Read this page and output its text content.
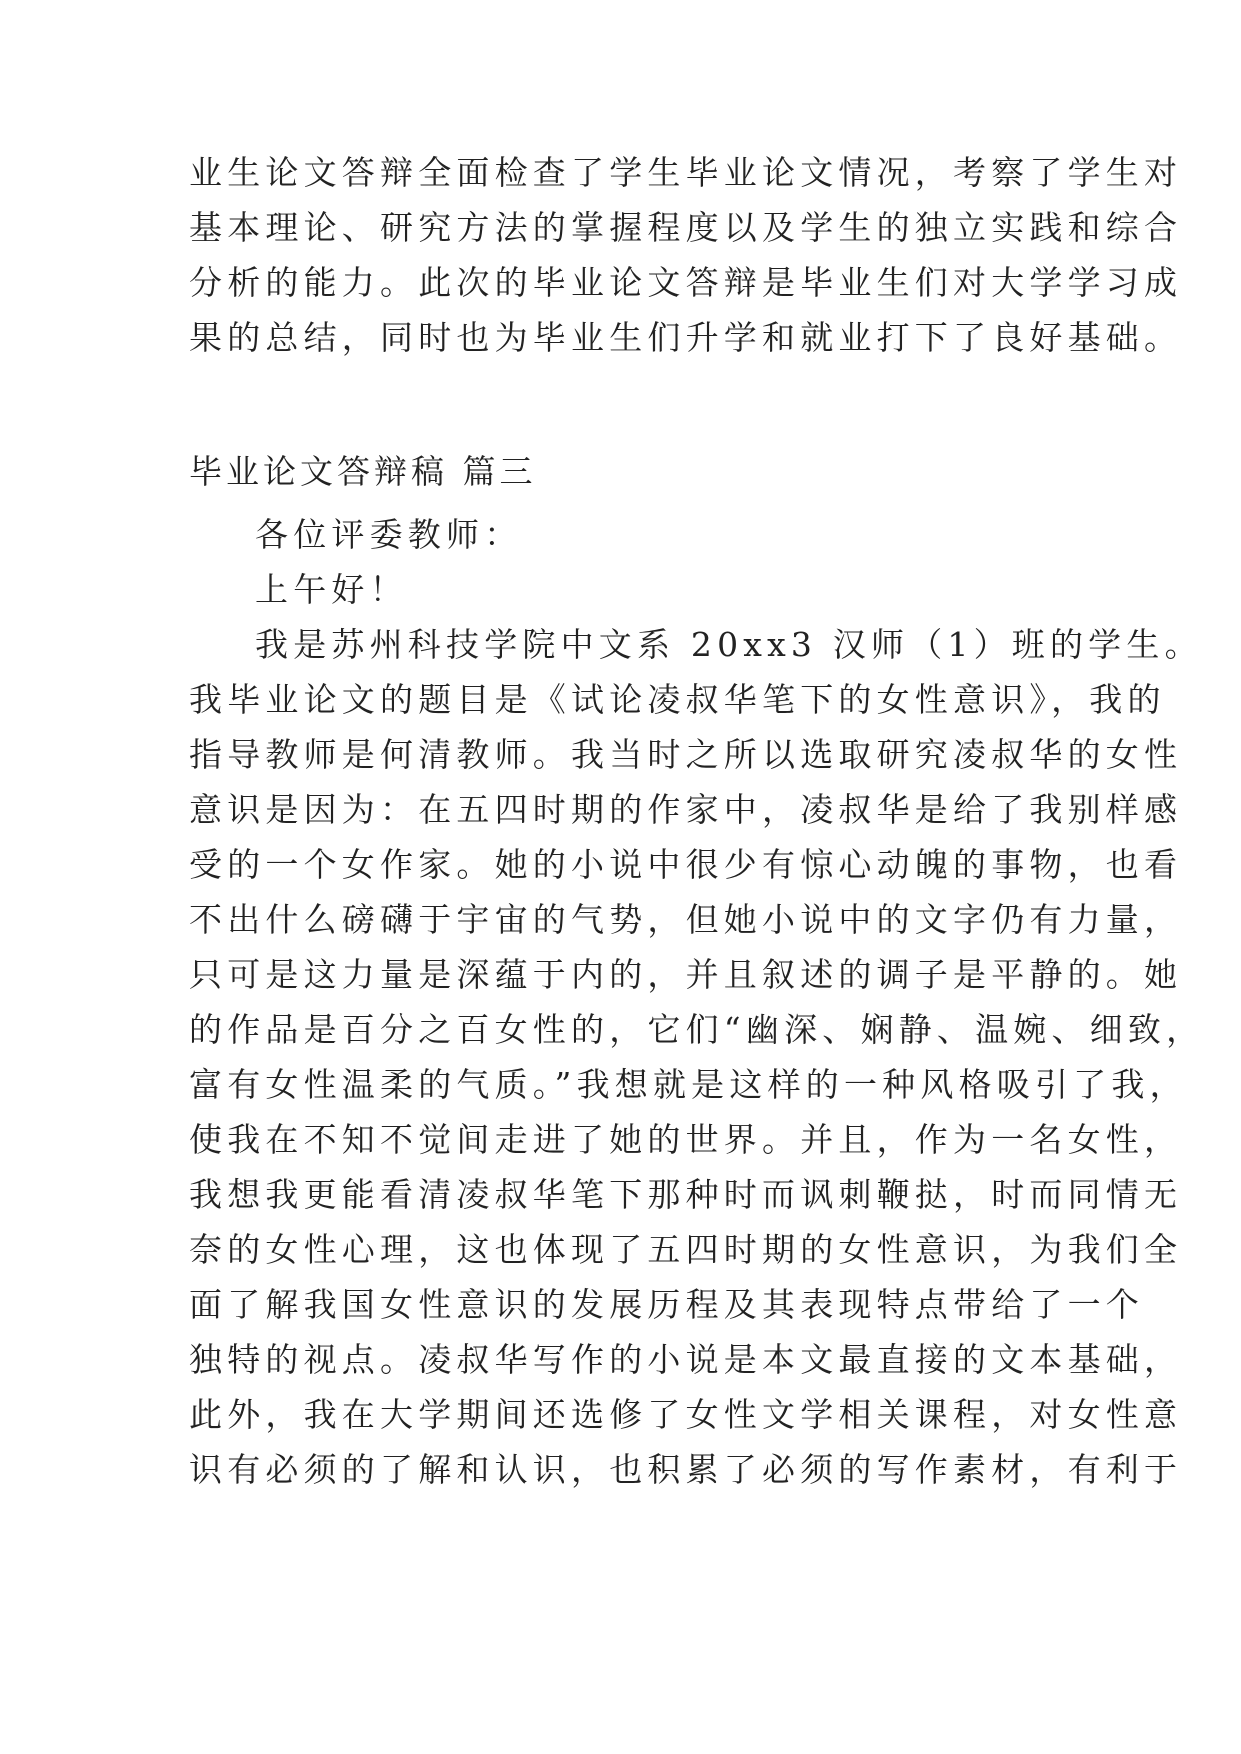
业生论文答辩全面检查了学生毕业论文情况，考察了学生对
基本理论、研究方法的掌握程度以及学生的独立实践和综合
分析的能力。此次的毕业论文答辩是毕业生们对大学学习成
果的总结，同时也为毕业生们升学和就业打下了良好基础。
毕业论文答辩稿 篇三
各位评委教师：
上午好！
我是苏州科技学院中文系 20xx3 汉师（1）班的学生。
我毕业论文的题目是《试论凌叔华笔下的女性意识》，我的
指导教师是何清教师。我当时之所以选取研究凌叔华的女性
意识是因为：在五四时期的作家中，凌叔华是给了我别样感
受的一个女作家。她的小说中很少有惊心动魄的事物，也看
不出什么磅礴于宇宙的气势，但她小说中的文字仍有力量，
只可是这力量是深蕴于内的，并且叙述的调子是平静的。她
的作品是百分之百女性的，它们“幽深、娴静、温婉、细致，
富有女性温柔的气质。”我想就是这样的一种风格吸引了我，
使我在不知不觉间走进了她的世界。并且，作为一名女性，
我想我更能看清凌叔华笔下那种时而讽刺鞭挞，时而同情无
奈的女性心理，这也体现了五四时期的女性意识，为我们全
面了解我国女性意识的发展历程及其表现特点带给了一个
独特的视点。凌叔华写作的小说是本文最直接的文本基础，
此外，我在大学期间还选修了女性文学相关课程，对女性意
识有必须的了解和认识，也积累了必须的写作素材，有利于
